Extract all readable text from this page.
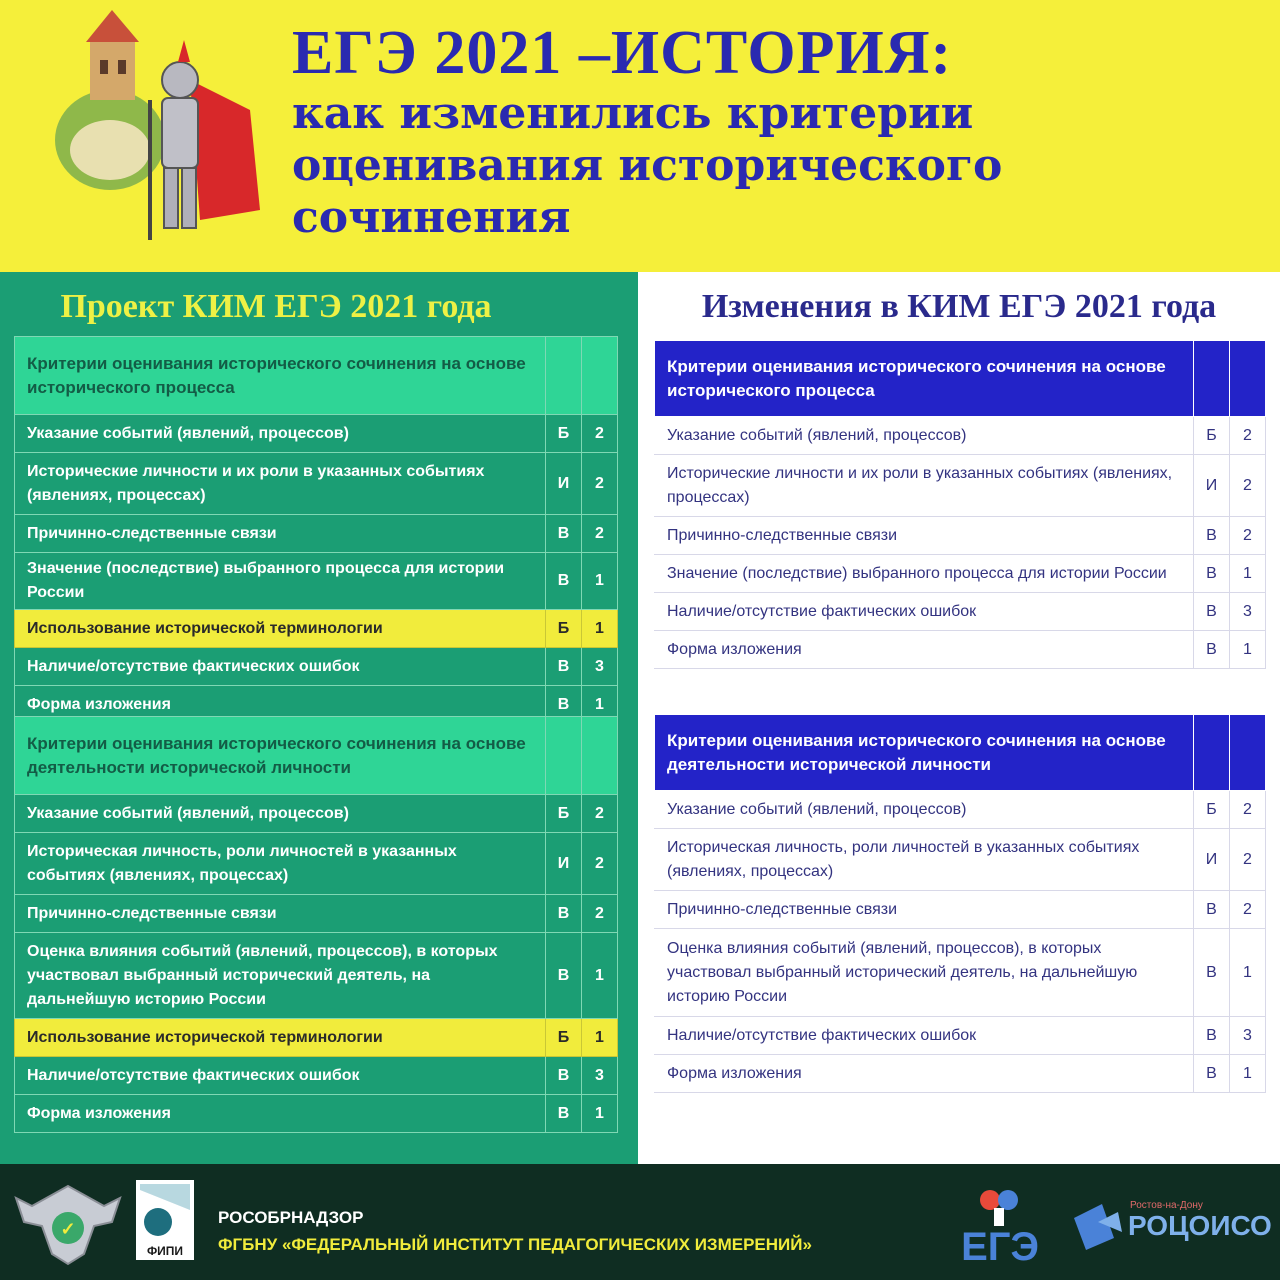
ЕГЭ 2021 –ИСТОРИЯ:
как изменились критерии оценивания исторического сочинения
Проект КИМ ЕГЭ 2021 года
Критерии оценивания исторического сочинения на основе исторического процесса		
Указание событий (явлений, процессов)	Б	2
Исторические личности и их роли в указанных событиях (явлениях, процессах)	И	2
Причинно-следственные связи	В	2
Значение (последствие) выбранного процесса для истории России	В	1
Использование исторической терминологии	Б	1
Наличие/отсутствие фактических ошибок	В	3
Форма изложения	В	1
Критерии оценивания исторического сочинения на основе деятельности исторической личности		
Указание событий (явлений, процессов)	Б	2
Историческая личность, роли личностей в указанных событиях (явлениях, процессах)	И	2
Причинно-следственные связи	В	2
Оценка влияния событий (явлений, процессов), в которых участвовал выбранный исторический деятель, на дальнейшую историю России	В	1
Использование исторической терминологии	Б	1
Наличие/отсутствие фактических ошибок	В	3
Форма изложения	В	1
Изменения в КИМ ЕГЭ 2021 года
Критерии оценивания исторического сочинения на основе исторического процесса		
Указание событий (явлений, процессов)	Б	2
Исторические личности и их роли в указанных событиях (явлениях, процессах)	И	2
Причинно-следственные связи	В	2
Значение (последствие) выбранного процесса для истории России	В	1
Наличие/отсутствие фактических ошибок	В	3
Форма изложения	В	1
Критерии оценивания исторического сочинения на основе деятельности исторической личности		
Указание событий (явлений, процессов)	Б	2
Историческая личность, роли личностей в указанных событиях (явлениях, процессах)	И	2
Причинно-следственные связи	В	2
Оценка влияния событий (явлений, процессов), в которых участвовал выбранный исторический деятель, на дальнейшую историю России	В	1
Наличие/отсутствие фактических ошибок	В	3
Форма изложения	В	1
✓
ФИПИ
РОСОБРНАДЗОР
ФГБНУ «ФЕДЕРАЛЬНЫЙ ИНСТИТУТ ПЕДАГОГИЧЕСКИХ ИЗМЕРЕНИЙ»	ЕГЭ
Ростов-на-Дону
РОЦОИСО
